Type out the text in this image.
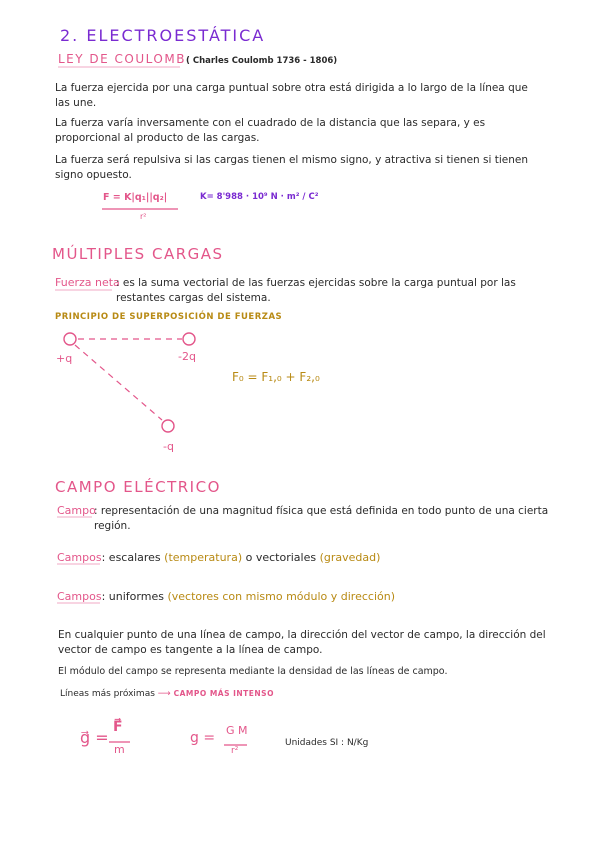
2. ELECTROESTÁTICA
LEY DE COULOMB ( Charles Coulomb 1736 - 1806)
La fuerza ejercida por una carga puntual sobre otra está dirigida a lo largo de la línea que las une.
La fuerza varía inversamente con el cuadrado de la distancia que las separa, y es proporcional al producto de las cargas.
La fuerza será repulsiva si las cargas tienen el mismo signo, y atractiva si tienen si tienen signo opuesto.
F = K|q₁||q₂|
r²
K= 8'988 · 10⁹ N · m² / C²
MÚLTIPLES CARGAS
Fuerza neta
: es la suma vectorial de las fuerzas ejercidas sobre la carga puntual por las restantes cargas del sistema.
PRINCIPIO DE SUPERPOSICIÓN DE FUERZAS
+q	-2q
-q
F₀ = F₁,₀ + F₂,₀
CAMPO ELÉCTRICO
Campo
: representación de una magnitud física que está definida en todo punto de una cierta región.
Campos: escalares (temperatura) o vectoriales (gravedad)
Campos: uniformes (vectores con mismo módulo y dirección)
En cualquier punto de una línea de campo, la dirección del vector de campo, la dirección del vector de campo es tangente a la línea de campo.
El módulo del campo se representa mediante la densidad de las líneas de campo.
Líneas más próximas ⟶ CAMPO MÁS INTENSO
g⃗ =
F⃗
m
g = G M
r²
Unidades SI : N/Kg
